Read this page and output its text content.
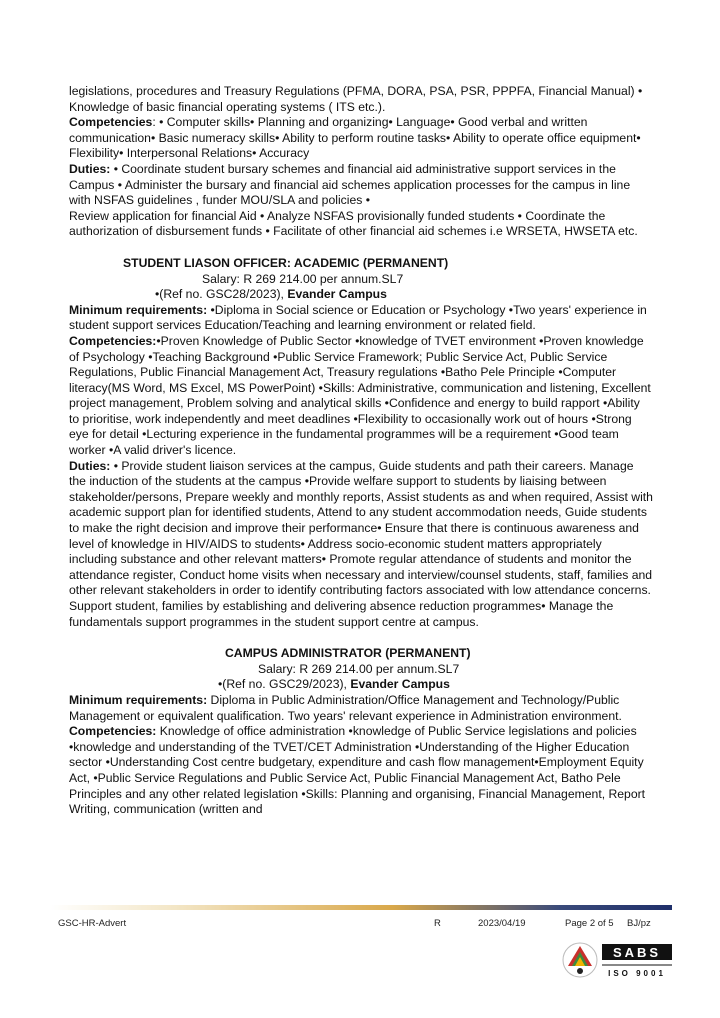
legislations, procedures and Treasury Regulations (PFMA, DORA, PSA, PSR, PPPFA, Financial Manual) • Knowledge of basic financial operating systems ( ITS etc.).

Competencies: • Computer skills• Planning and organizing• Language• Good verbal and written communication• Basic numeracy skills• Ability to perform routine tasks• Ability to operate office equipment• Flexibility• Interpersonal Relations• Accuracy

Duties: • Coordinate student bursary schemes and financial aid administrative support services in the Campus • Administer the bursary and financial aid schemes application processes for the campus in line with NSFAS guidelines , funder MOU/SLA and policies •

Review application for financial Aid • Analyze NSFAS provisionally funded students • Coordinate the authorization of disbursement funds • Facilitate of other financial aid schemes i.e WRSETA, HWSETA etc.

STUDENT LIASON OFFICER: ACADEMIC (PERMANENT)

Salary: R 269 214.00 per annum.SL7

•(Ref no. GSC28/2023), Evander Campus

Minimum requirements: •Diploma in Social science or Education or Psychology •Two years' experience in student support services Education/Teaching and learning environment or related field.

Competencies:•Proven Knowledge of Public Sector •knowledge of TVET environment •Proven knowledge of Psychology •Teaching Background •Public Service Framework; Public Service Act, Public Service Regulations, Public Financial Management Act, Treasury regulations •Batho Pele Principle •Computer literacy(MS Word, MS Excel, MS PowerPoint) •Skills: Administrative, communication and listening, Excellent project management, Problem solving and analytical skills •Confidence and energy to build rapport •Ability to prioritise, work independently and meet deadlines •Flexibility to occasionally work out of hours •Strong eye for detail •Lecturing experience in the fundamental programmes will be a requirement •Good team worker •A valid driver's licence.

Duties: • Provide student liaison services at the campus, Guide students and path their careers. Manage the induction of the students at the campus •Provide welfare support to students by liaising between stakeholder/persons, Prepare weekly and monthly reports, Assist students as and when required, Assist with academic support plan for identified students, Attend to any student accommodation needs, Guide students to make the right decision and improve their performance• Ensure that there is continuous awareness and level of knowledge in HIV/AIDS to students• Address socio-economic student matters appropriately including substance and other relevant matters• Promote regular attendance of students and monitor the attendance register, Conduct home visits when necessary and interview/counsel students, staff, families and other relevant stakeholders in order to identify contributing factors associated with low attendance concerns. Support student, families by establishing and delivering absence reduction programmes• Manage the fundamentals support programmes in the student support centre at campus.

CAMPUS ADMINISTRATOR (PERMANENT)

Salary: R 269 214.00 per annum.SL7

•(Ref no. GSC29/2023), Evander Campus

Minimum requirements: Diploma in Public Administration/Office Management and Technology/Public Management or equivalent qualification. Two years' relevant experience in Administration environment.

Competencies: Knowledge of office administration •knowledge of Public Service legislations and policies •knowledge and understanding of the TVET/CET Administration •Understanding of the Higher Education sector •Understanding Cost centre budgetary, expenditure and cash flow management•Employment Equity Act, •Public Service Regulations and Public Service Act, Public Financial Management Act, Batho Pele Principles and any other related legislation •Skills: Planning and organising, Financial Management, Report Writing, communication (written and

GSC-HR-Advert	R	2023/04/19	Page 2 of 5 BJ/pz
SABS
ISO 9001
